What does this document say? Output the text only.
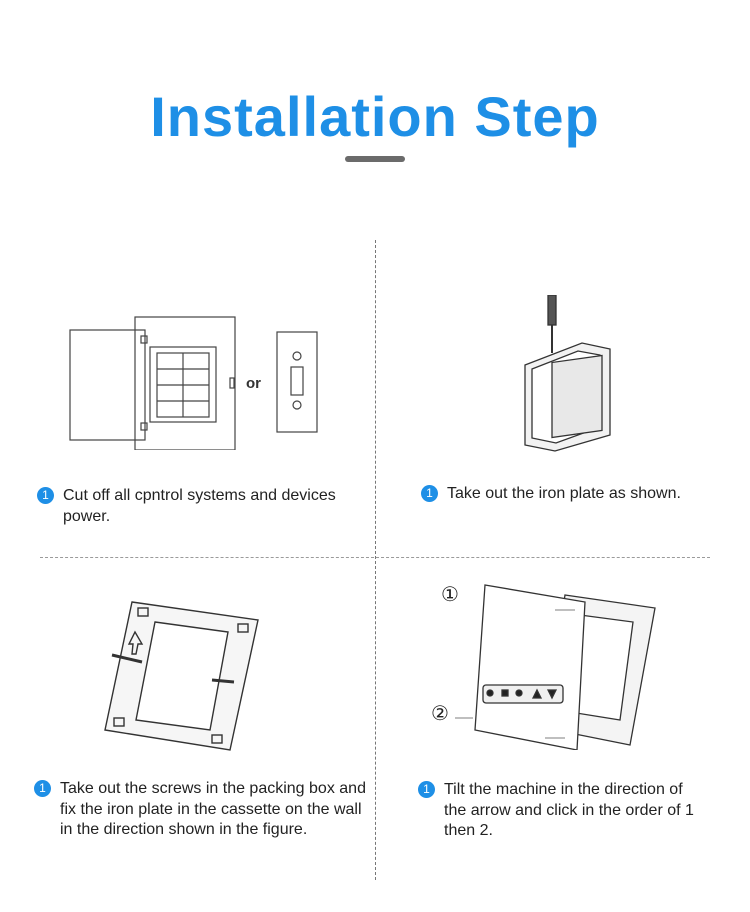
Installation Step
or
①
②
1 Cut off all cpntrol systems and devices power.
1 Take out the iron plate as shown.
1 Take out the screws in the packing box and fix the iron plate in the cassette on the wall in the direction shown in the figure.
1 Tilt the machine in the direction of the arrow and click in the order of 1 then 2.
